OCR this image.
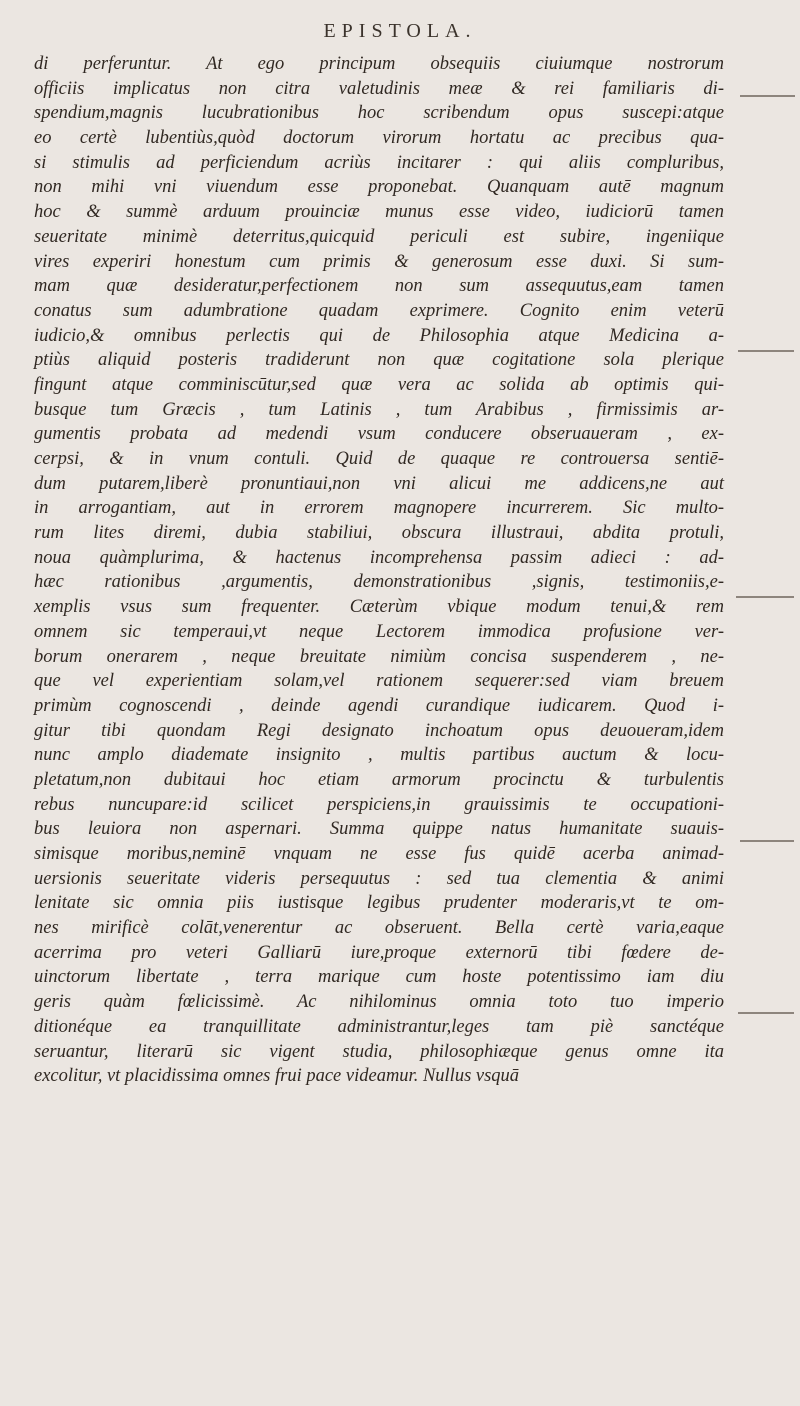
EPISTOLA.
di perferuntur. At ego principum obsequiis ciuiumque nostrorum
officiis implicatus non citra valetudinis meæ & rei familiaris di-
spendium,magnis lucubrationibus hoc scribendum opus suscepi:atque
eo certè lubentiùs,quòd doctorum virorum hortatu ac precibus qua-
si stimulis ad perficiendum acriùs incitarer : qui aliis compluribus,
non mihi vni viuendum esse proponebat. Quanquam autē magnum
hoc & summè arduum prouinciæ munus esse video, iudiciorū tamen
seueritate minimè deterritus,quicquid periculi est subire, ingeniique
vires experiri honestum cum primis & generosum esse duxi. Si sum-
mam quæ desideratur,perfectionem non sum assequutus,eam tamen
conatus sum adumbratione quadam exprimere. Cognito enim veterū
iudicio,& omnibus perlectis qui de Philosophia atque Medicina a-
ptiùs aliquid posteris tradiderunt non quæ cogitatione sola plerique
fingunt atque comminiscūtur,sed quæ vera ac solida ab optimis qui-
busque tum Græcis , tum Latinis , tum Arabibus , firmissimis ar-
gumentis probata ad medendi vsum conducere obseruaueram , ex-
cerpsi, & in vnum contuli. Quid de quaque re controuersa sentiē-
dum putarem,liberè pronuntiaui,non vni alicui me addicens,ne aut
in arrogantiam, aut in errorem magnopere incurrerem. Sic multo-
rum lites diremi, dubia stabiliui, obscura illustraui, abdita protuli,
noua quàmplurima, & hactenus incomprehensa passim adieci : ad-
hæc rationibus ,argumentis, demonstrationibus ,signis, testimoniis,e-
xemplis vsus sum frequenter. Cæterùm vbique modum tenui,& rem
omnem sic temperaui,vt neque Lectorem immodica profusione ver-
borum onerarem , neque breuitate nimiùm concisa suspenderem , ne-
que vel experientiam solam,vel rationem sequerer:sed viam breuem
primùm cognoscendi , deinde agendi curandique iudicarem. Quod i-
gitur tibi quondam Regi designato inchoatum opus deuoueram,idem
nunc amplo diademate insignito , multis partibus auctum & locu-
pletatum,non dubitaui hoc etiam armorum procinctu & turbulentis
rebus nuncupare:id scilicet perspiciens,in grauissimis te occupationi-
bus leuiora non aspernari. Summa quippe natus humanitate suauis-
simisque moribus,neminē vnquam ne esse fus quidē acerba animad-
uersionis seueritate videris persequutus : sed tua clementia & animi
lenitate sic omnia piis iustisque legibus prudenter moderaris,vt te om-
nes mirificè colāt,venerentur ac obseruent. Bella certè varia,eaque
acerrima pro veteri Galliarū iure,proque externorū tibi fœdere de-
uinctorum libertate , terra marique cum hoste potentissimo iam diu
geris quàm fœlicissimè. Ac nihilominus omnia toto tuo imperio
ditionéque ea tranquillitate administrantur,leges tam piè sanctéque
seruantur, literarū sic vigent studia, philosophiæque genus omne ita
excolitur, vt placidissima omnes frui pace videamur. Nullus vsquā
